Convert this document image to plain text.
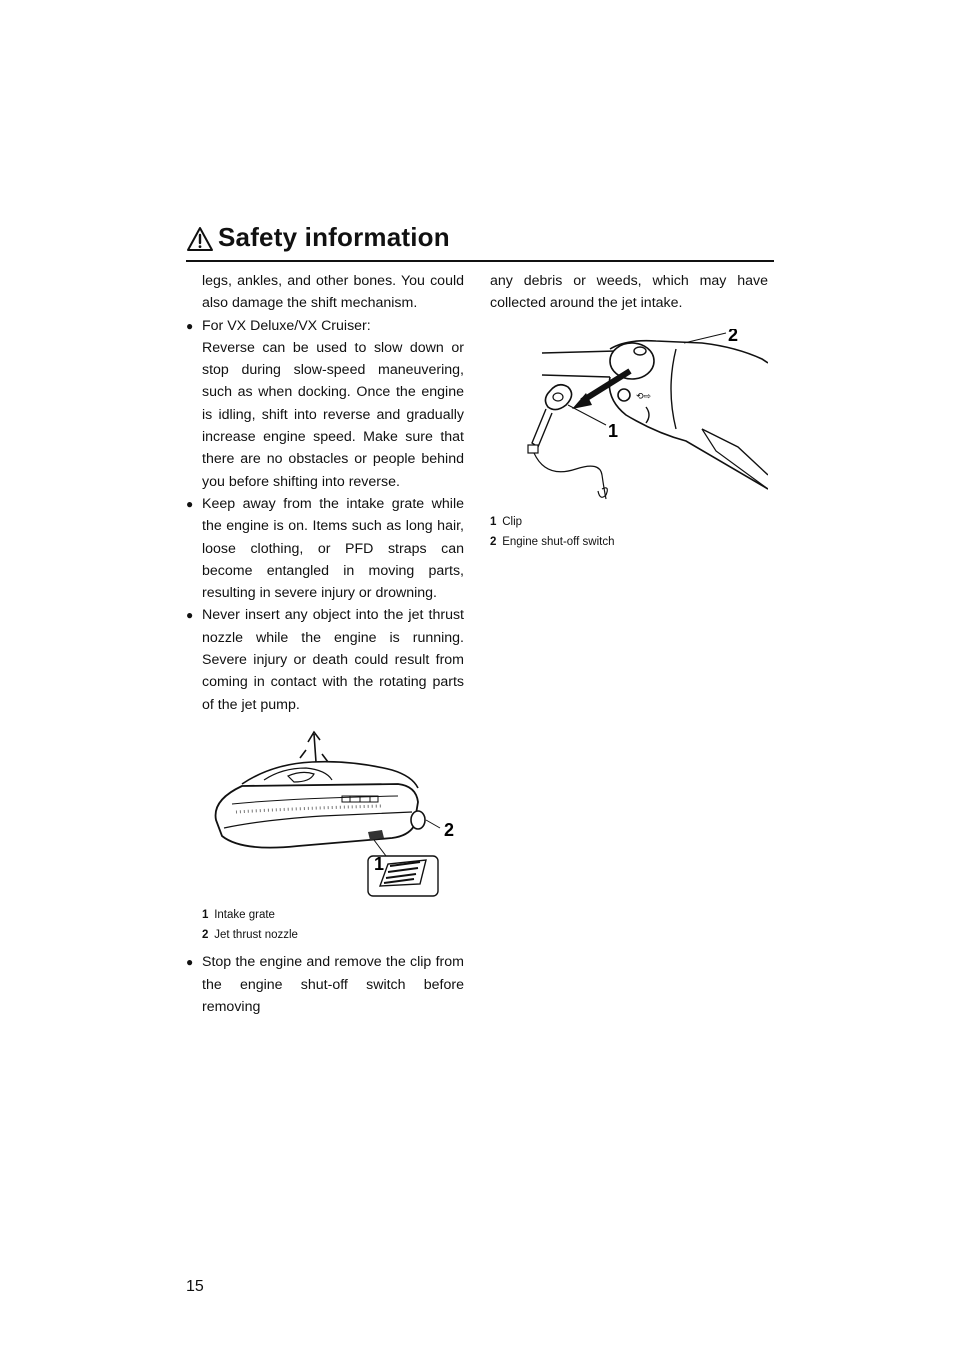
Safety information

legs, ankles, and other bones. You could also damage the shift mechanism.

● For VX Deluxe/VX Cruiser:

Reverse can be used to slow down or stop during slow-speed maneuvering, such as when docking. Once the engine is idling, shift into reverse and gradually increase engine speed. Make sure that there are no obstacles or people behind you before shifting into reverse.

● Keep away from the intake grate while the engine is on. Items such as long hair, loose clothing, or PFD straps can become entangled in moving parts, resulting in severe injury or drowning.

● Never insert any object into the jet thrust nozzle while the engine is running. Severe injury or death could result from coming in contact with the rotating parts of the jet pump.

2
1
1 Intake grate
2 Jet thrust nozzle
● Stop the engine and remove the clip from the engine shut-off switch before removing

any debris or weeds, which may have collected around the jet intake.

⟲⇨
2
1
1 Clip
2 Engine shut-off switch
15
